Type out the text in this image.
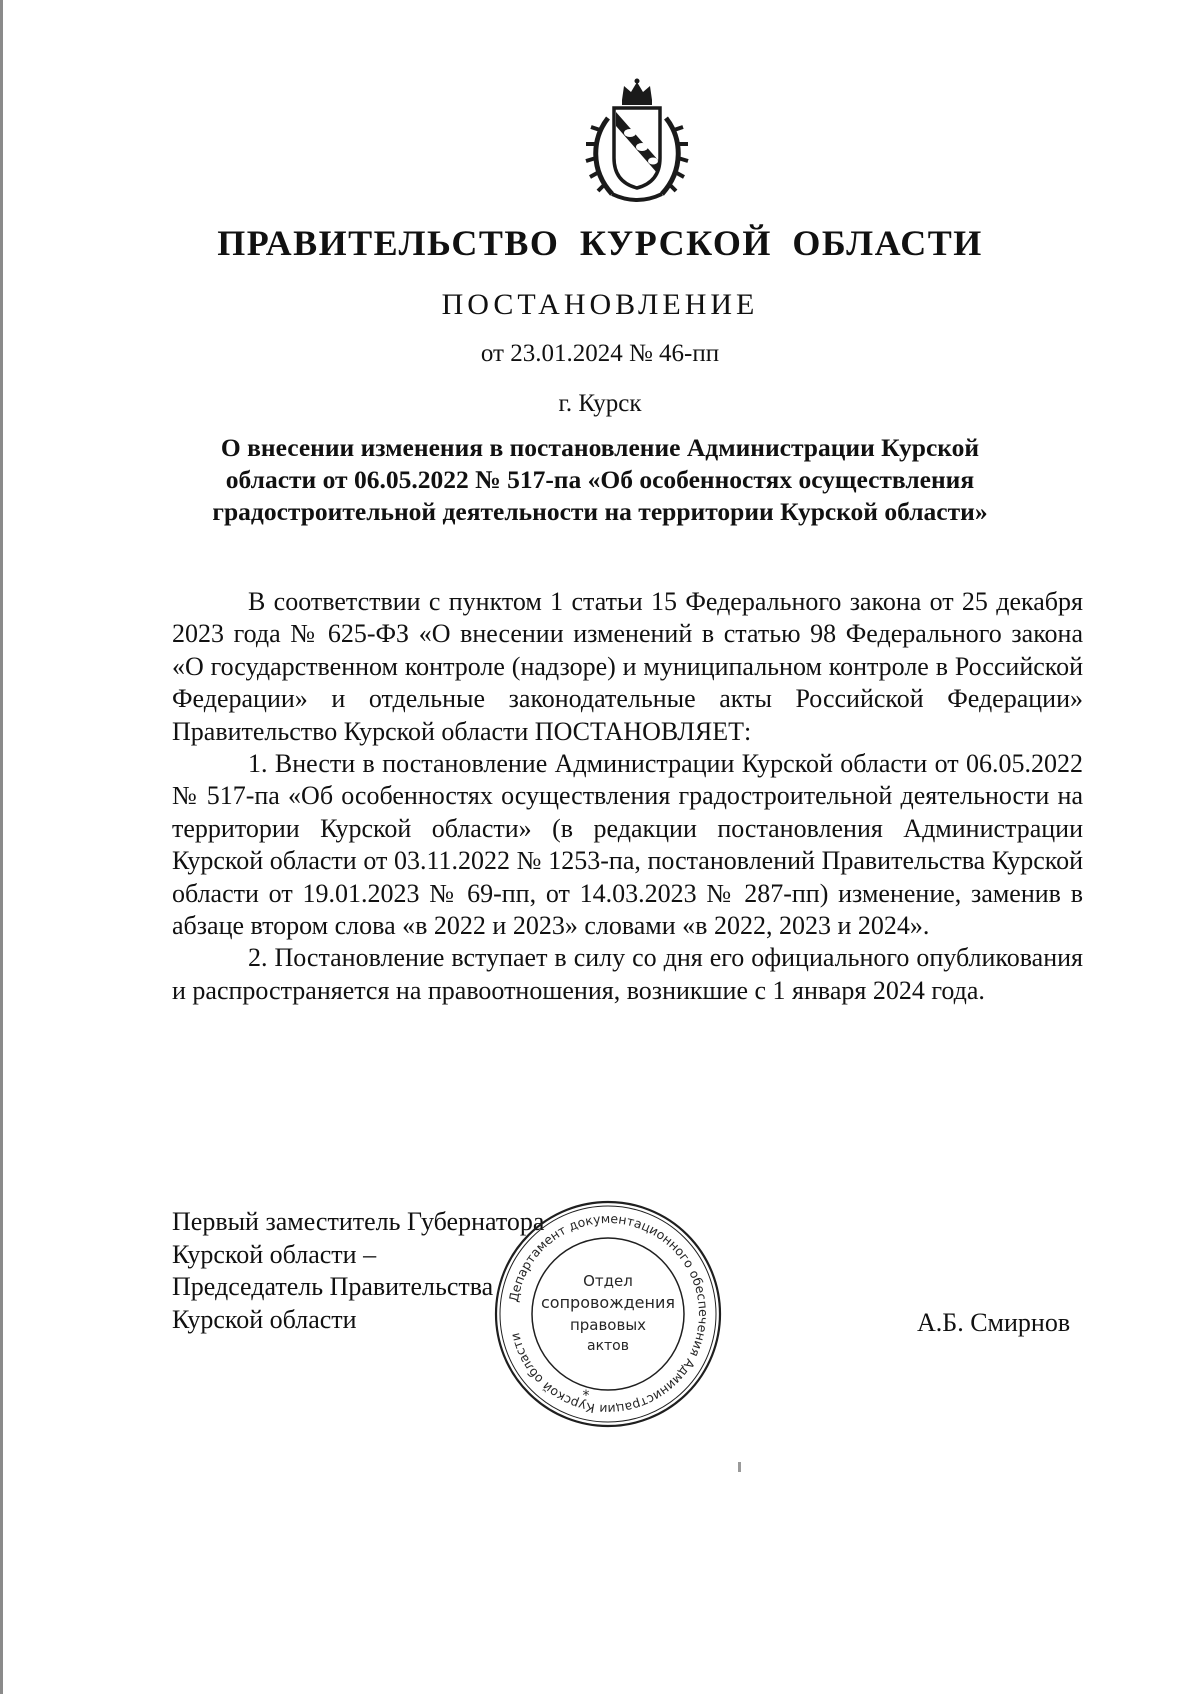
ПРАВИТЕЛЬСТВО КУРСКОЙ ОБЛАСТИ
ПОСТАНОВЛЕНИЕ
от 23.01.2024 № 46-пп
г. Курск
О внесении изменения в постановление Администрации Курской
области от 06.05.2022 № 517-па «Об особенностях осуществления
градостроительной деятельности на территории Курской области»

В соответствии с пунктом 1 статьи 15 Федерального закона от 25 декабря 2023 года № 625-ФЗ «О внесении изменений в статью 98 Федерального закона «О государственном контроле (надзоре) и муниципальном контроле в Российской Федерации» и отдельные законодательные акты Российской Федерации» Правительство Курской области ПОСТАНОВЛЯЕТ:

1. Внести в постановление Администрации Курской области от 06.05.2022 № 517-па «Об особенностях осуществления градостроительной деятельности на территории Курской области» (в редакции постановления Администрации Курской области от 03.11.2022 № 1253-па, постановлений Правительства Курской области от 19.01.2023 № 69-пп, от 14.03.2023 № 287-пп) изменение, заменив в абзаце втором слова «в 2022 и 2023» словами «в 2022, 2023 и 2024».

2. Постановление вступает в силу со дня его официального опубликования и распространяется на правоотношения, возникшие с 1 января 2024 года.

Первый заместитель Губернатора
Курской области –
Председатель Правительства
Курской области	А.Б. Смирнов
Департамент документационного обеспечения Администрации Курской области
Отдел
сопровождения
правовых
актов
*
